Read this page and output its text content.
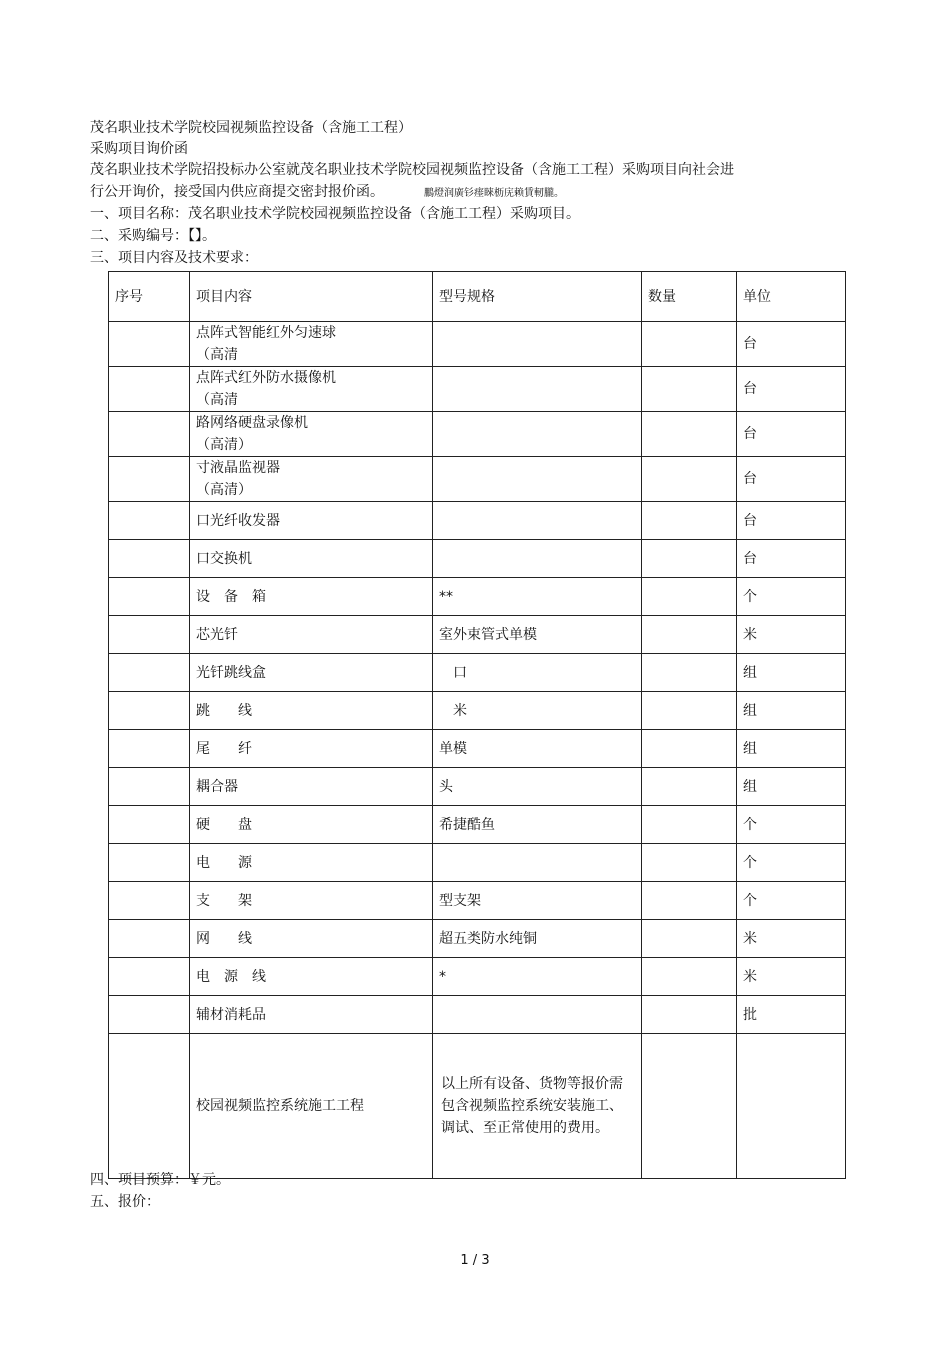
茂名职业技术学院校园视频监控设备（含施工工程）
采购项目询价函
茂名职业技术学院招投标办公室就茂名职业技术学院校园视频监控设备（含施工工程）采购项目向社会进
行公开询价，接受国内供应商提交密封报价函。	鵬燈润廣钐瘗睞枥庑赖賃軔朧。
一、项目名称：茂名职业技术学院校园视频监控设备（含施工工程）采购项目。
二、采购编号：【】。
三、项目内容及技术要求：
序号	项目内容	型号规格	数量	单位

	点阵式智能红外匀速球
（高清			台

	点阵式红外防水摄像机
（高清			台

	路网络硬盘录像机
（高清）			台

	寸液晶监视器
（高清）			台
	口光纤收发器			台
	口交换机			台
	设　备　箱	**		个
	芯光钎	室外束管式单模		米
	光钎跳线盒	　口		组
	跳　　线	　米		组
	尾　　纤	单模		组
	耦合器	头		组
	硬　　盘	希捷酷鱼		个
	电　　源			个
	支　　架	型支架		个
	网　　线	超五类防水纯铜		米
	电　源　线	*		米
	辅材消耗品			批
	校园视频监控系统施工工程	以上所有设备、货物等报价需包含视频监控系统安装施工、调试、至正常使用的费用。		
四、项目预算：￥元。
五、报价：
1 / 3
